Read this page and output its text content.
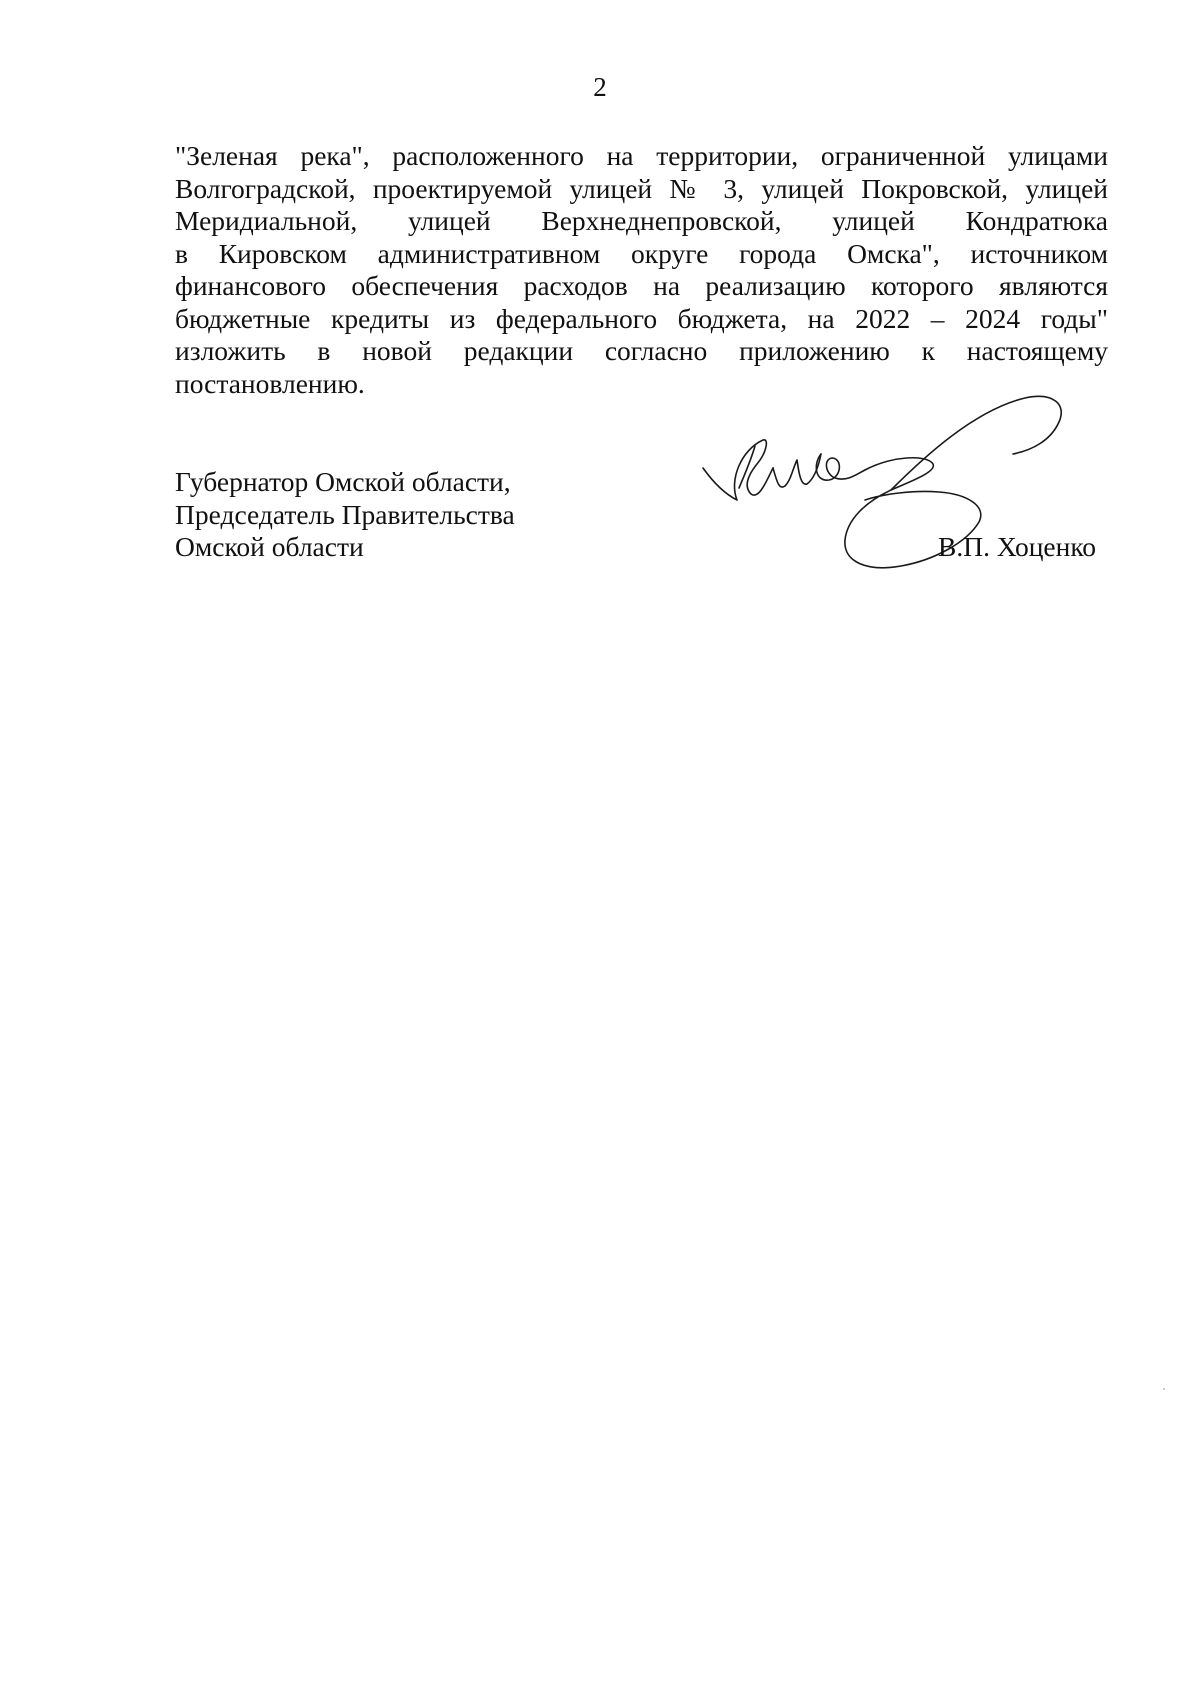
2
"Зеленая река", расположенного на территории, ограниченной улицами
Волгоградской, проектируемой улицей № 3, улицей Покровской, улицей
Меридиальной, улицей Верхнеднепровской, улицей Кондратюка
в Кировском административном округе города Омска", источником
финансового обеспечения расходов на реализацию которого являются
бюджетные кредиты из федерального бюджета, на 2022 – 2024 годы"
изложить в новой редакции согласно приложению к настоящему
постановлению.
Губернатор Омской области,
Председатель Правительства
Омской области	В.П. Хоценко
